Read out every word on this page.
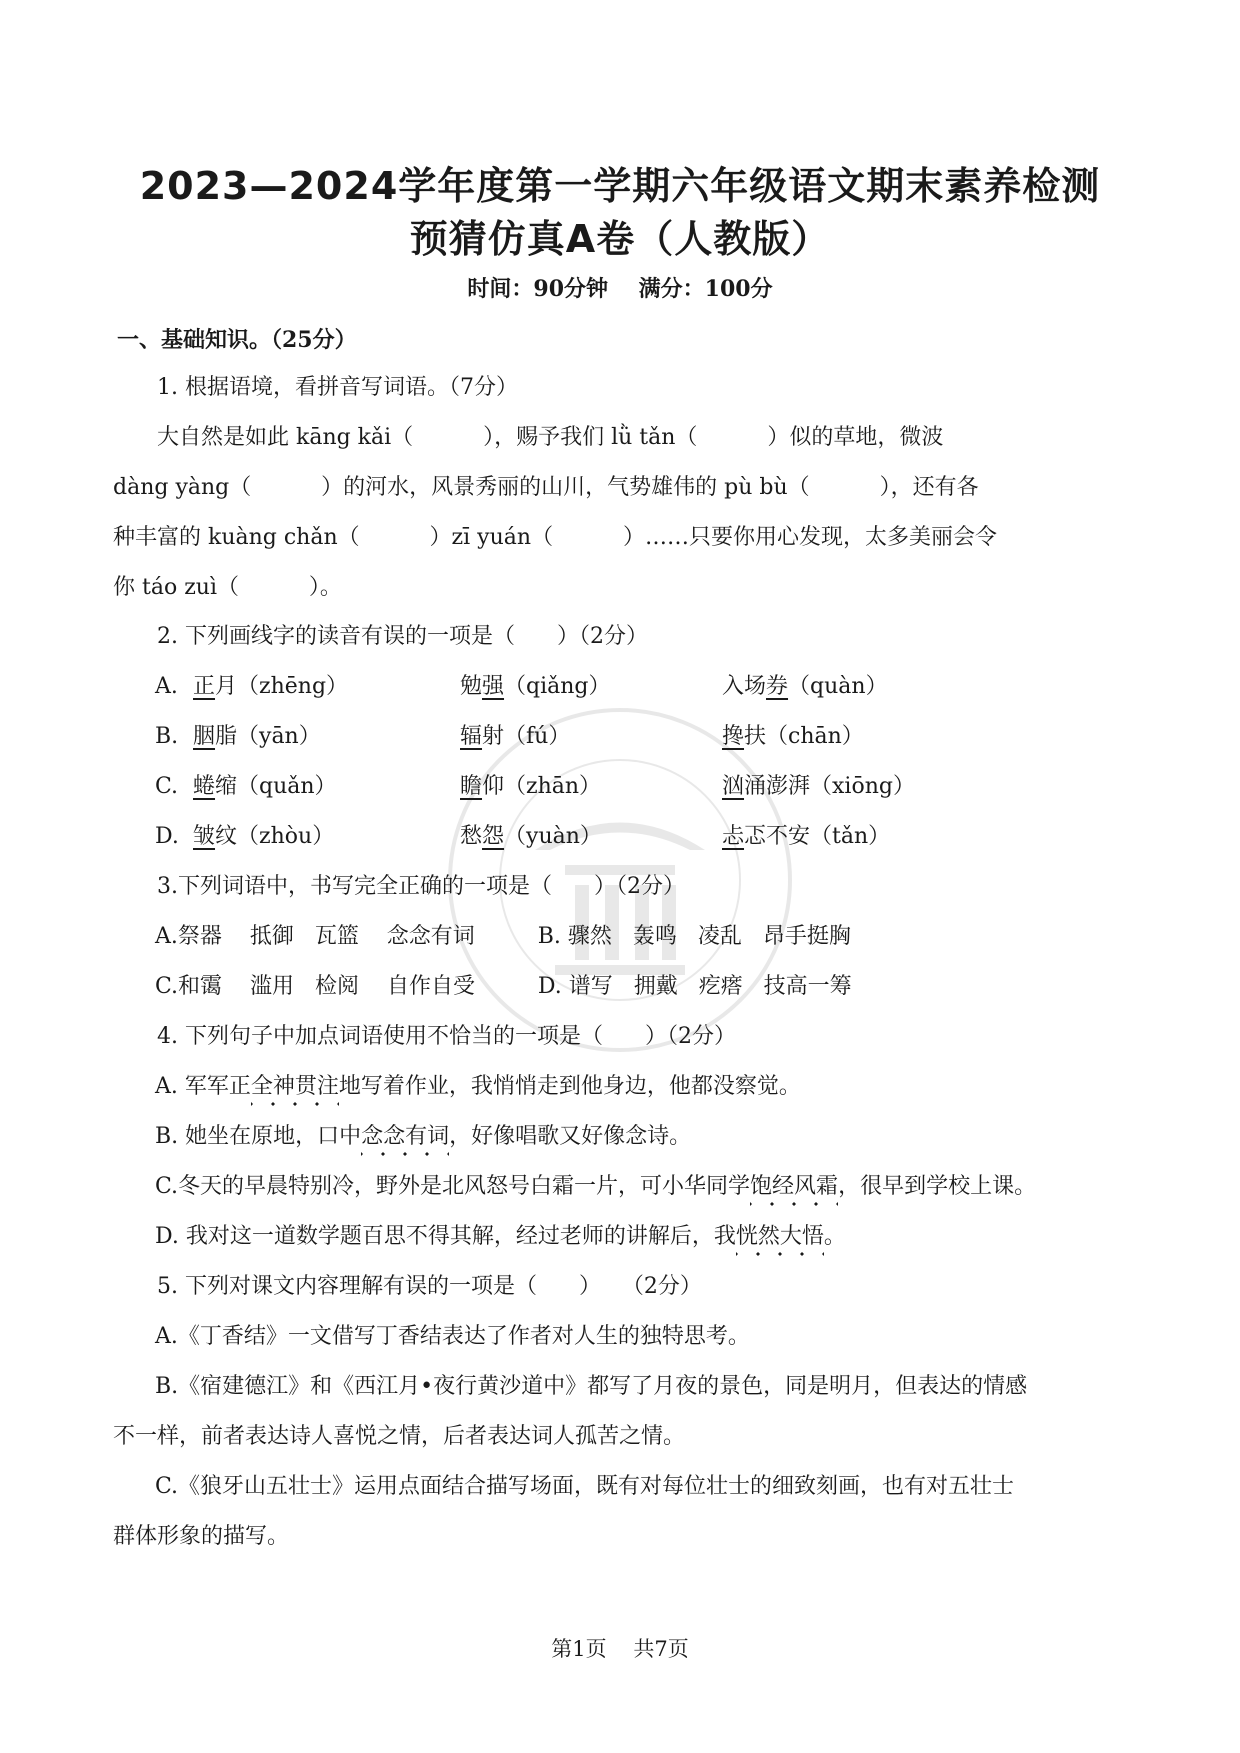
2023—2024学年度第一学期六年级语文期末素养检测
预猜仿真A卷（人教版）
时间：90分钟    满分：100分
一、基础知识。（25分）
1. 根据语境，看拼音写词语。（7分）
大自然是如此 kāng kǎi（          ），赐予我们 lǜ tǎn（          ）似的草地，微波
dàng yàng（          ）的河水，风景秀丽的山川，气势雄伟的 pù bù（          ），还有各
种丰富的 kuàng chǎn（          ）zī yuán（          ）……只要你用心发现，太多美丽会令
你 táo zuì（          ）。
2. 下列画线字的读音有误的一项是（      ）（2分）
A. 正月（zhēng）	勉强（qiǎng）	入场券（quàn）
B. 胭脂（yān）	辐射（fú）	搀扶（chān）
C. 蜷缩（quǎn）	瞻仰（zhān）	汹涌澎湃（xiōng）
D. 皱纹（zhòu）	愁怨（yuàn）	忐忑不安（tǎn）
3.下列词语中，书写完全正确的一项是（      ）（2分）
A.祭器    抵御   瓦篮    念念有词         B. 骤然   轰鸣   凌乱   昂手挺胸
C.和霭    滥用   检阅    自作自受         D. 谱写   拥戴   疙瘩   技高一筹
4. 下列句子中加点词语使用不恰当的一项是（      ）（2分）
A. 军军正全神贯注地写着作业，我悄悄走到他身边，他都没察觉。
B. 她坐在原地，口中念念有词，好像唱歌又好像念诗。
C.冬天的早晨特别冷，野外是北风怒号白霜一片，可小华同学饱经风霜，很早到学校上课。
D. 我对这一道数学题百思不得其解，经过老师的讲解后，我恍然大悟。
5. 下列对课文内容理解有误的一项是（      ）   （2分）
A.《丁香结》一文借写丁香结表达了作者对人生的独特思考。
B.《宿建德江》和《西江月•夜行黄沙道中》都写了月夜的景色，同是明月，但表达的情感
不一样，前者表达诗人喜悦之情，后者表达词人孤苦之情。
C.《狼牙山五壮士》运用点面结合描写场面，既有对每位壮士的细致刻画，也有对五壮士
群体形象的描写。
第1页    共7页
